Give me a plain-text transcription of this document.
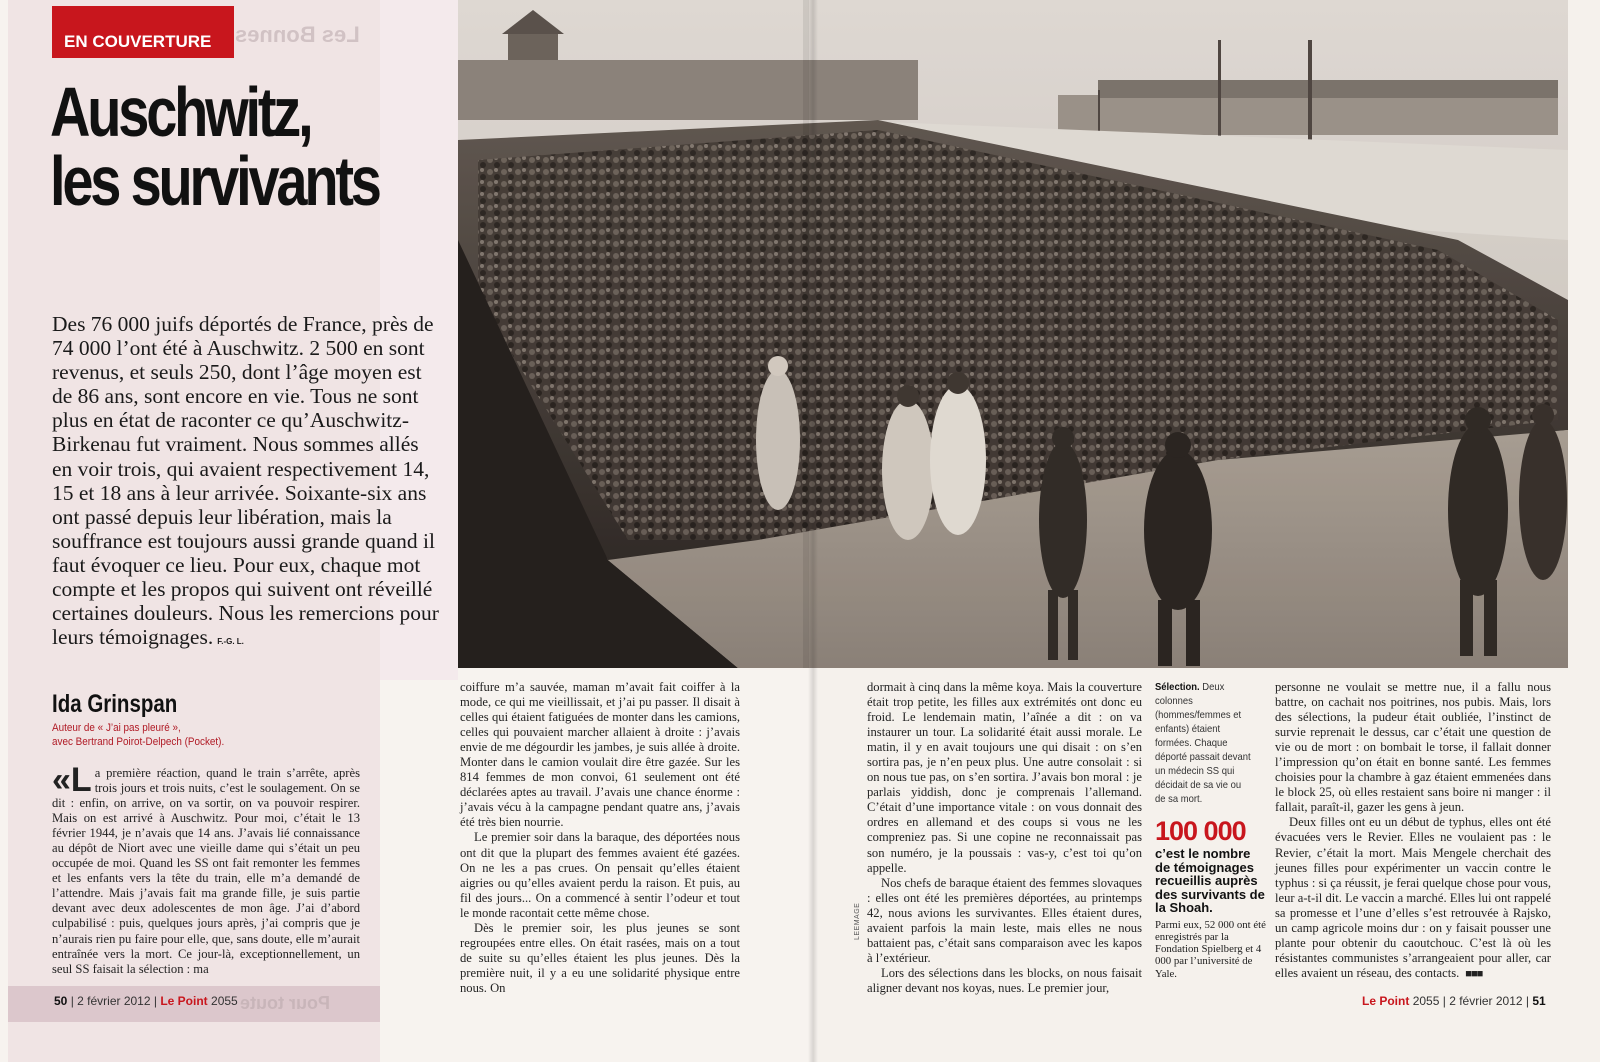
Les Bonnes
Pour toute
EN COUVERTURE
Auschwitz,
les survivants

Des 76 000 juifs déportés de France, près de 74 000 l’ont été à Auschwitz. 2 500 en sont revenus, et seuls 250, dont l’âge moyen est de 86 ans, sont encore en vie. Tous ne sont plus en état de raconter ce qu’Auschwitz-Birkenau fut vraiment. Nous sommes allés en voir trois, qui avaient respectivement 14, 15 et 18 ans à leur arrivée. Soixante-six ans ont passé depuis leur libération, mais la souffrance est toujours aussi grande quand il faut évoquer ce lieu. Pour eux, chaque mot compte et les propos qui suivent ont réveillé certaines douleurs. Nous les remercions pour leurs témoignages. F.-G. L.

Ida Grinspan

Auteur de « J’ai pas pleuré »,
avec Bertrand Poirot-Delpech (Pocket).

«La première réaction, quand le train s’arrête, après trois jours et trois nuits, c’est le soulagement. On se dit : enfin, on arrive, on va sortir, on va pouvoir respirer. Mais on est arrivé à Auschwitz. Pour moi, c’était le 13 février 1944, je n’avais que 14 ans. J’avais lié connaissance au dépôt de Niort avec une vieille dame qui s’était un peu occupée de moi. Quand les SS ont fait remonter les femmes et les enfants vers la tête du train, elle m’a demandé de l’attendre. Mais j’avais fait ma grande fille, je suis partie devant avec deux adolescentes de mon âge. J’ai d’abord culpabilisé : puis, quelques jours après, j’ai compris que je n’aurais rien pu faire pour elle, que, sans doute, elle m’aurait entraînée vers la mort. Ce jour-là, exceptionnellement, un seul SS faisait la sélection : ma

coiffure m’a sauvée, maman m’avait fait coiffer à la mode, ce qui me vieillissait, et j’ai pu passer. Il disait à celles qui étaient fatiguées de monter dans les camions, celles qui pouvaient marcher allaient à droite : j’avais envie de me dégourdir les jambes, je suis allée à droite. Monter dans le camion voulait dire être gazée. Sur les 814 femmes de mon convoi, 61 seulement ont été déclarées aptes au travail. J’avais une chance énorme : j’avais vécu à la campagne pendant quatre ans, j’avais été très bien nourrie.

Le premier soir dans la baraque, des déportées nous ont dit que la plupart des femmes avaient été gazées. On ne les a pas crues. On pensait qu’elles étaient aigries ou qu’elles avaient perdu la raison. Et puis, au fil des jours... On a commencé à sentir l’odeur et tout le monde racontait cette même chose.

Dès le premier soir, les plus jeunes se sont regroupées entre elles. On était rasées, mais on a tout de suite su qu’elles étaient les plus jeunes. Dès la première nuit, il y a eu une solidarité physique entre nous. On

dormait à cinq dans la même koya. Mais la couverture était trop petite, les filles aux extrémités ont donc eu froid. Le lendemain matin, l’aînée a dit : on va instaurer un tour. La solidarité était aussi morale. Le matin, il y en avait toujours une qui disait : on s’en sortira pas, je n’en peux plus. Une autre consolait : si on nous tue pas, on s’en sortira. J’avais bon moral : je parlais yiddish, donc je comprenais l’allemand. C’était d’une importance vitale : on vous donnait des ordres en allemand et des coups si vous ne les compreniez pas. Si une copine ne reconnaissait pas son numéro, je la poussais : vas-y, c’est toi qu’on appelle.

Nos chefs de baraque étaient des femmes slovaques : elles ont été les premières déportées, au printemps 42, nous avions les survivantes. Elles étaient dures, avaient parfois la main leste, mais elles ne nous battaient pas, c’était sans comparaison avec les kapos à l’extérieur.

Lors des sélections dans les blocks, on nous faisait aligner devant nos koyas, nues. Le premier jour,

LEEMAGE

Sélection. Deux colonnes (hommes/femmes et enfants) étaient formées. Chaque déporté passait devant un médecin SS qui décidait de sa vie ou de sa mort.

100 000

c’est le nombre de témoignages recueillis auprès des survivants de la Shoah.

Parmi eux, 52 000 ont été enregistrés par la Fondation Spielberg et 4 000 par l’université de Yale.

personne ne voulait se mettre nue, il a fallu nous battre, on cachait nos poitrines, nos pubis. Mais, lors des sélections, la pudeur était oubliée, l’instinct de survie reprenait le dessus, car c’était une question de vie ou de mort : on bombait le torse, il fallait donner l’impression qu’on était en bonne santé. Les femmes choisies pour la chambre à gaz étaient emmenées dans le block 25, où elles restaient sans boire ni manger : il fallait, paraît-il, gazer les gens à jeun.

Deux filles ont eu un début de typhus, elles ont été évacuées vers le Revier. Elles ne voulaient pas : le Revier, c’était la mort. Mais Mengele cherchait des jeunes filles pour expérimenter un vaccin contre le typhus : si ça réussit, je ferai quelque chose pour vous, leur a-t-il dit. Le vaccin a marché. Elles lui ont rappelé sa promesse et l’une d’elles s’est retrouvée à Rajsko, un camp agricole moins dur : on y faisait pousser une plante pour obtenir du caoutchouc. C’est là où les résistantes communistes s’arrangeaient pour aller, car elles avaient un réseau, des contacts. ■■■

50 | 2 février 2012 | Le Point 2055	Le Point 2055 | 2 février 2012 | 51
